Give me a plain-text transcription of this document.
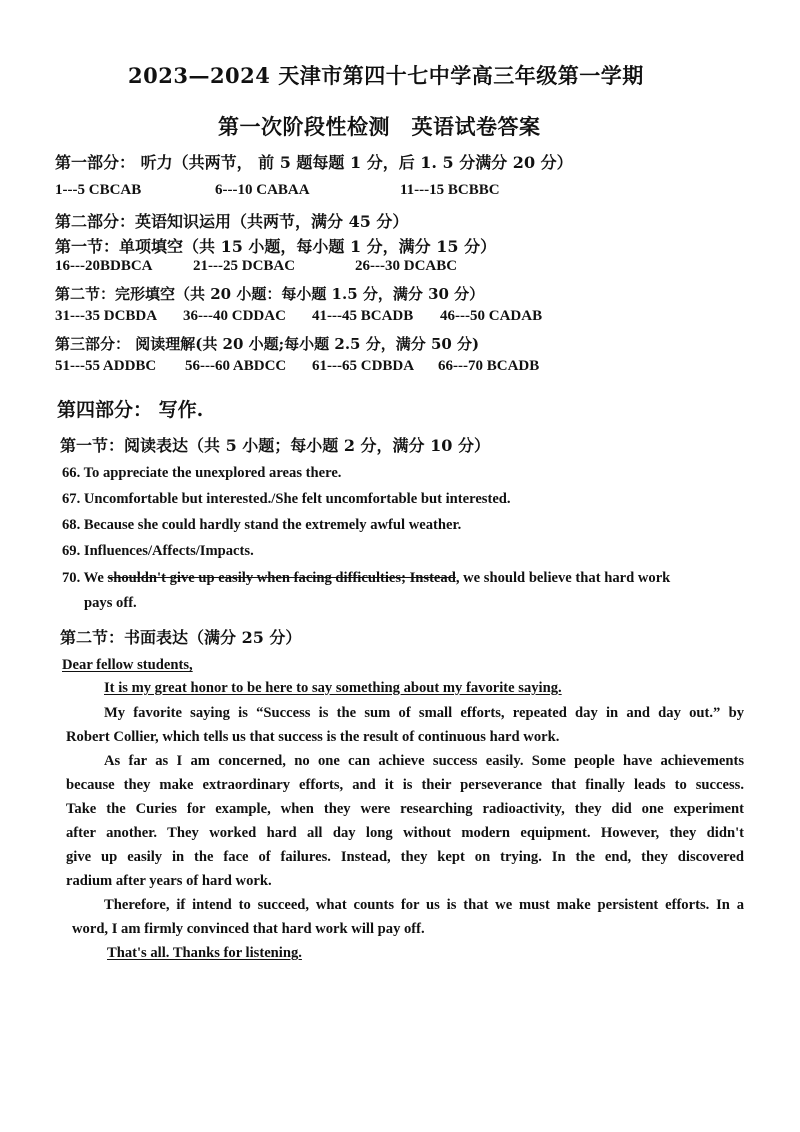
2023—2024 天津市第四十七中学高三年级第一学期
第一次阶段性检测　英语试卷答案
第一部分： 听力（共两节， 前 5 题每题 1 分，后 1. 5 分满分 20 分）
1---5 CBCAB	6---10 CABAA	11---15 BCBBC
第二部分：英语知识运用（共两节，满分 45 分）
第一节：单项填空（共 15 小题，每小题 1 分，满分 15 分）
16---20BDBCA	21---25 DCBAC	26---30 DCABC
第二节：完形填空（共 20 小题：每小题 1.5 分，满分 30 分）
31---35 DCBDA 36---40 CDDAC 41---45 BCADB 46---50 CADAB
第三部分： 阅读理解(共 20 小题;每小题 2.5 分，满分 50 分)
51---55 ADDBC 56---60 ABDCC 61---65 CDBDA 66---70 BCADB
第四部分： 写作.
第一节：阅读表达（共 5 小题；每小题 2 分，满分 10 分）
66. To appreciate the unexplored areas there.
67. Uncomfortable but interested./She felt uncomfortable but interested.
68. Because she could hardly stand the extremely awful weather.
69. Influences/Affects/Impacts.
70. We shouldn't give up easily when facing difficulties; Instead, we should believe that hard work
pays off.
第二节：书面表达（满分 25 分）
Dear fellow students,
It is my great honor to be here to say something about my favorite saying.
My favorite saying is “Success is the sum of small efforts, repeated day in and day out.” by
Robert Collier, which tells us that success is the result of continuous hard work.
As far as I am concerned, no one can achieve success easily. Some people have achievements
because they make extraordinary efforts, and it is their perseverance that finally leads to success.
Take the Curies for example, when they were researching radioactivity, they did one experiment
after another. They worked hard all day long without modern equipment. However, they didn't
give up easily in the face of failures. Instead, they kept on trying. In the end, they discovered
radium after years of hard work.
Therefore, if intend to succeed, what counts for us is that we must make persistent efforts. In a
word, I am firmly convinced that hard work will pay off.
That's all. Thanks for listening.
